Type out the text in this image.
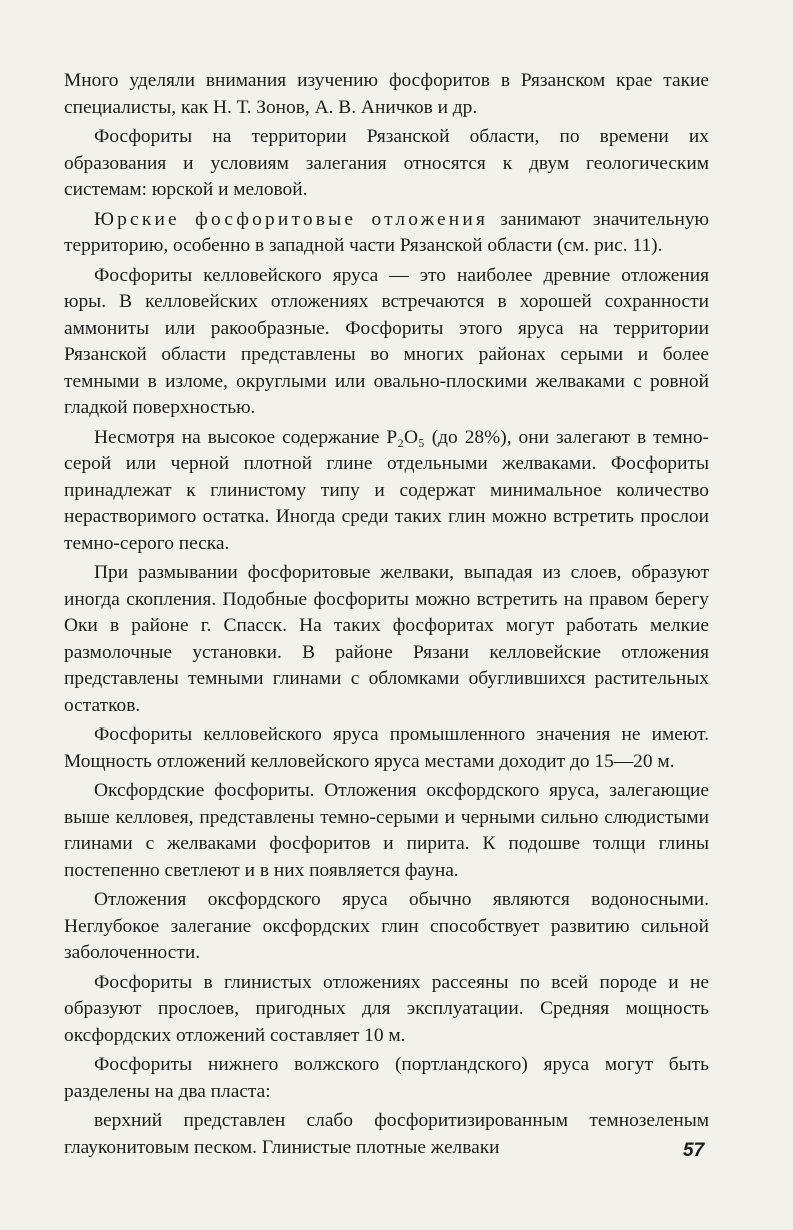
Много уделяли внимания изучению фосфоритов в Рязанском крае такие специалисты, как Н. Т. Зонов, А. В. Аничков и др.

Фосфориты на территории Рязанской области, по времени их образования и условиям залегания относятся к двум геологическим системам: юрской и меловой.

Юрские фосфоритовые отложения занимают значительную территорию, особенно в западной части Рязанской области (см. рис. 11).

Фосфориты келловейского яруса — это наиболее древние отложения юры. В келловейских отложениях встречаются в хорошей сохранности аммониты или ракообразные. Фосфориты этого яруса на территории Рязанской области представлены во многих районах серыми и более темными в изломе, округлыми или овально-плоскими желваками с ровной гладкой поверхностью.

Несмотря на высокое содержание P₂O₅ (до 28%), они залегают в темно-серой или черной плотной глине отдельными желваками. Фосфориты принадлежат к глинистому типу и содержат минимальное количество нерастворимого остатка. Иногда среди таких глин можно встретить прослои темно-серого песка.

При размывании фосфоритовые желваки, выпадая из слоев, образуют иногда скопления. Подобные фосфориты можно встретить на правом берегу Оки в районе г. Спасск. На таких фосфоритах могут работать мелкие размолочные установки. В районе Рязани келловейские отложения представлены темными глинами с обломками обуглившихся растительных остатков.

Фосфориты келловейского яруса промышленного значения не имеют. Мощность отложений келловейского яруса местами доходит до 15—20 м.

Оксфордские фосфориты. Отложения оксфордского яруса, залегающие выше келловея, представлены темно-серыми и черными сильно слюдистыми глинами с желваками фосфоритов и пирита. К подошве толщи глины постепенно светлеют и в них появляется фауна.

Отложения оксфордского яруса обычно являются водоносными. Неглубокое залегание оксфордских глин способствует развитию сильной заболоченности.

Фосфориты в глинистых отложениях рассеяны по всей породе и не образуют прослоев, пригодных для эксплуатации. Средняя мощность оксфордских отложений составляет 10 м.

Фосфориты нижнего волжского (портландского) яруса могут быть разделены на два пласта:

верхний представлен слабо фосфоритизированным темнозеленым глауконитовым песком. Глинистые плотные желваки	57
